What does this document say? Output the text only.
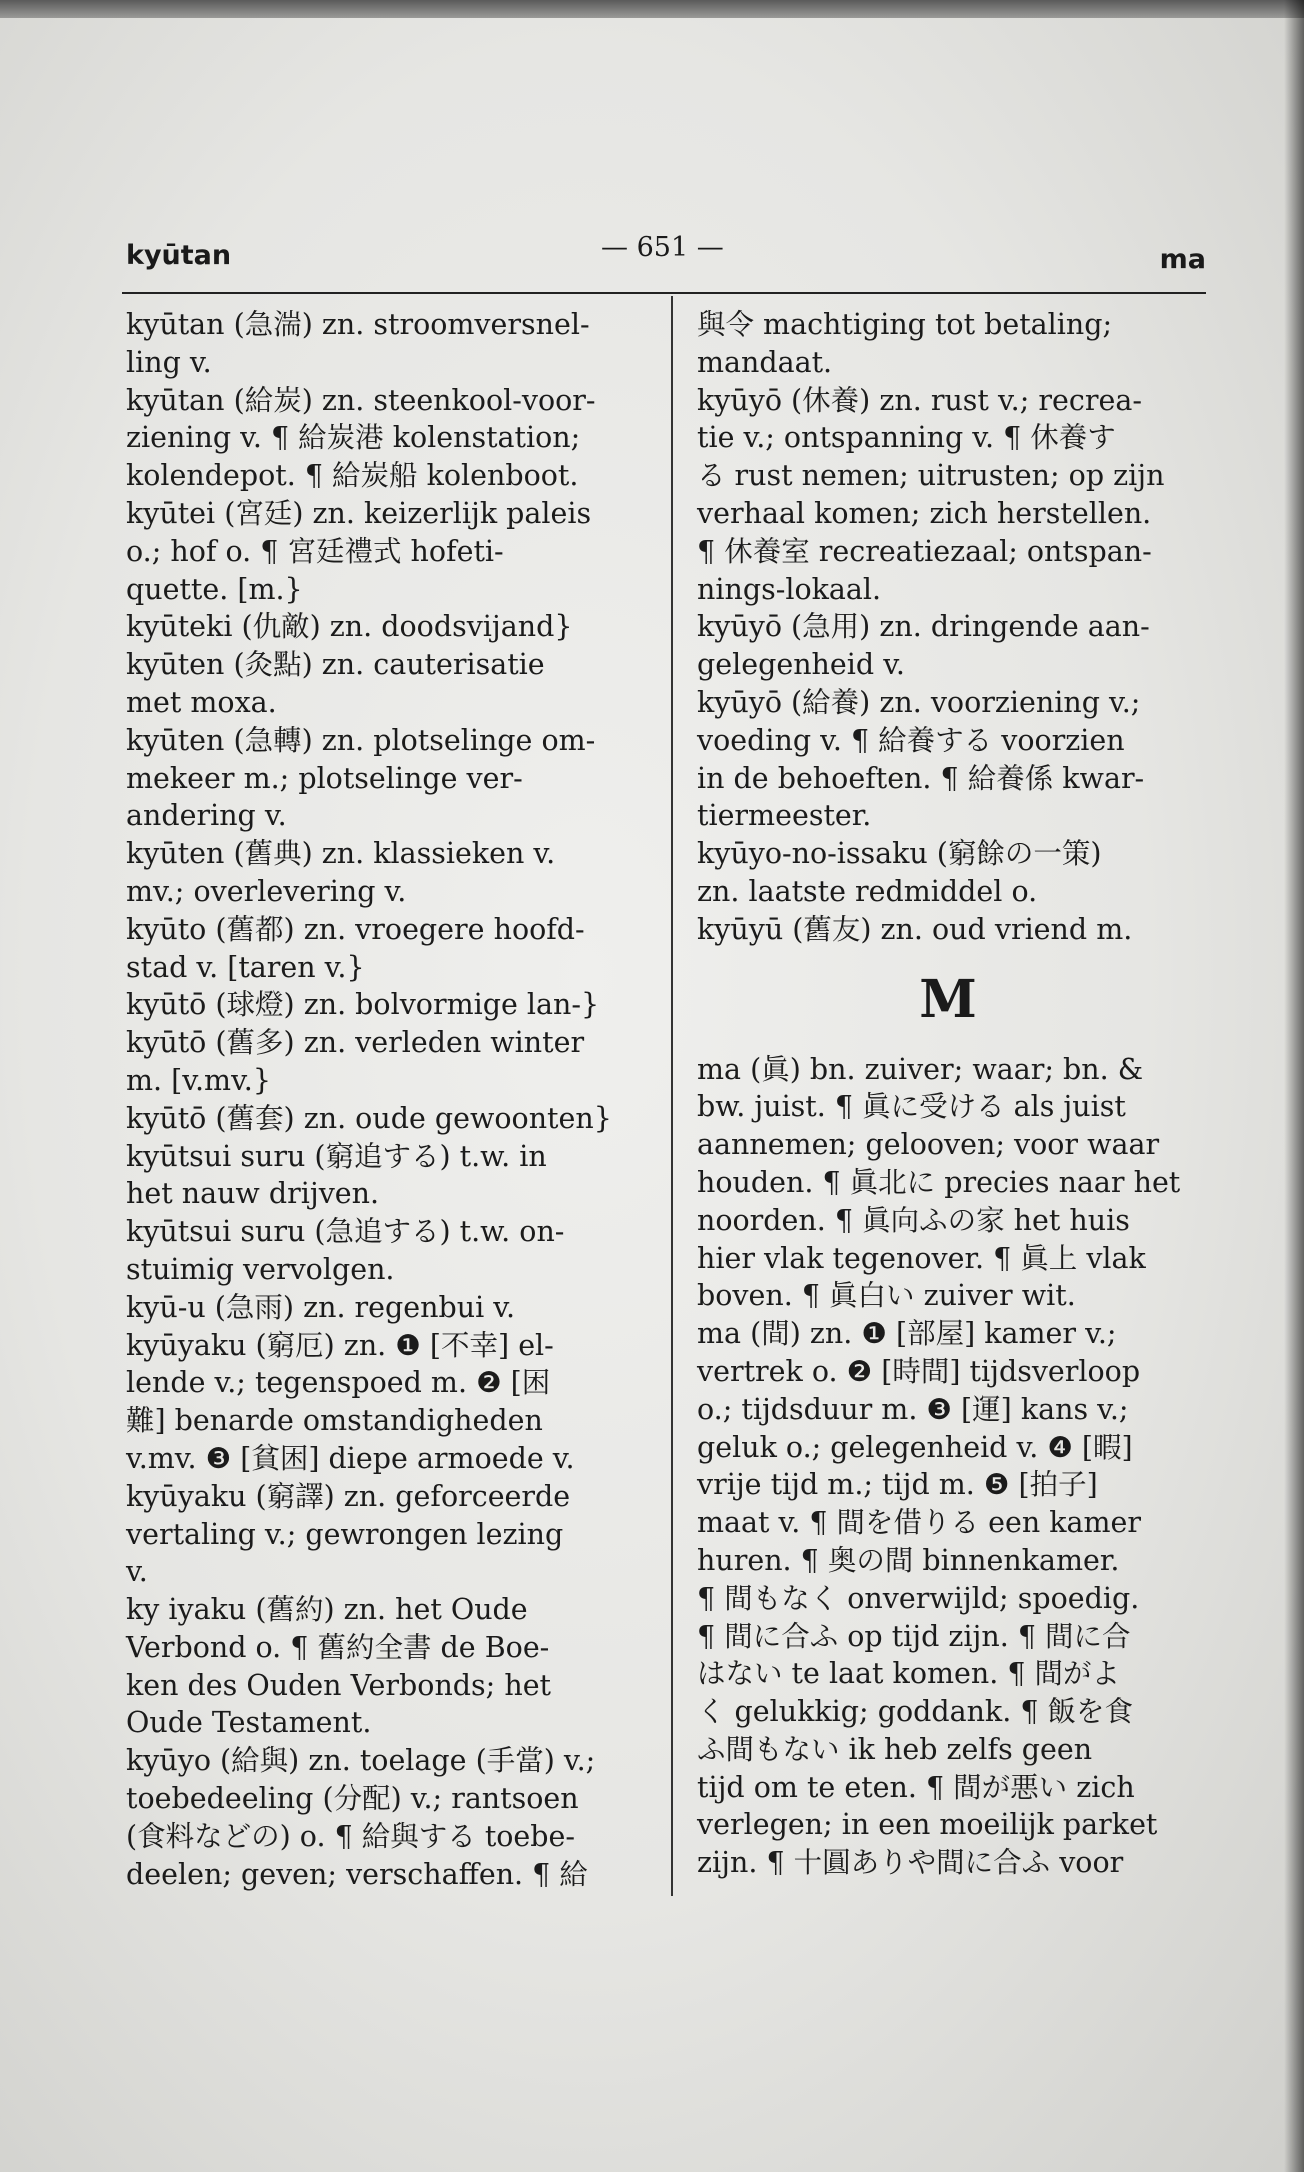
kyūtan	— 651 —	ma
kyūtan (急湍) zn. stroomversnel-
ling v.
kyūtan (給炭) zn. steenkool-voor-
ziening v. ¶ 給炭港 kolenstation;
kolendepot. ¶ 給炭船 kolenboot.
kyūtei (宮廷) zn. keizerlijk paleis
o.; hof o. ¶ 宮廷禮式 hofeti-
quette. [m.}
kyūteki (仇敵) zn. doodsvijand}
kyūten (灸點) zn. cauterisatie
met moxa.
kyūten (急轉) zn. plotselinge om-
mekeer m.; plotselinge ver-
andering v.
kyūten (舊典) zn. klassieken v.
mv.; overlevering v.
kyūto (舊都) zn. vroegere hoofd-
stad v. [taren v.}
kyūtō (球燈) zn. bolvormige lan-}
kyūtō (舊多) zn. verleden winter
m. [v.mv.}
kyūtō (舊套) zn. oude gewoonten}
kyūtsui suru (窮追する) t.w. in
het nauw drijven.
kyūtsui suru (急追する) t.w. on-
stuimig vervolgen.
kyū-u (急雨) zn. regenbui v.
kyūyaku (窮厄) zn. ❶ [不幸] el-
lende v.; tegenspoed m. ❷ [困
難] benarde omstandigheden
v.mv. ❸ [貧困] diepe armoede v.
kyūyaku (窮譯) zn. geforceerde
vertaling v.; gewrongen lezing
v.
ky iyaku (舊約) zn. het Oude
Verbond o. ¶ 舊約全書 de Boe-
ken des Ouden Verbonds; het
Oude Testament.
kyūyo (給與) zn. toelage (手當) v.;
toebedeeling (分配) v.; rantsoen
(食料などの) o. ¶ 給與する toebe-
deelen; geven; verschaffen. ¶ 給
與令 machtiging tot betaling;
mandaat.
kyūyō (休養) zn. rust v.; recrea-
tie v.; ontspanning v. ¶ 休養す
る rust nemen; uitrusten; op zijn
verhaal komen; zich herstellen.
¶ 休養室 recreatiezaal; ontspan-
nings-lokaal.
kyūyō (急用) zn. dringende aan-
gelegenheid v.
kyūyō (給養) zn. voorziening v.;
voeding v. ¶ 給養する voorzien
in de behoeften. ¶ 給養係 kwar-
tiermeester.
kyūyo-no-issaku (窮餘の一策)
zn. laatste redmiddel o.
kyūyū (舊友) zn. oud vriend m.
M
ma (眞) bn. zuiver; waar; bn. &
bw. juist. ¶ 眞に受ける als juist
aannemen; gelooven; voor waar
houden. ¶ 眞北に precies naar het
noorden. ¶ 眞向ふの家 het huis
hier vlak tegenover. ¶ 眞上 vlak
boven. ¶ 眞白い zuiver wit.
ma (間) zn. ❶ [部屋] kamer v.;
vertrek o. ❷ [時間] tijdsverloop
o.; tijdsduur m. ❸ [運] kans v.;
geluk o.; gelegenheid v. ❹ [暇]
vrije tijd m.; tijd m. ❺ [拍子]
maat v. ¶ 間を借りる een kamer
huren. ¶ 奥の間 binnenkamer.
¶ 間もなく onverwijld; spoedig.
¶ 間に合ふ op tijd zijn. ¶ 間に合
はない te laat komen. ¶ 間がよ
く gelukkig; goddank. ¶ 飯を食
ふ間もない ik heb zelfs geen
tijd om te eten. ¶ 間が悪い zich
verlegen; in een moeilijk parket
zijn. ¶ 十圓ありや間に合ふ voor
